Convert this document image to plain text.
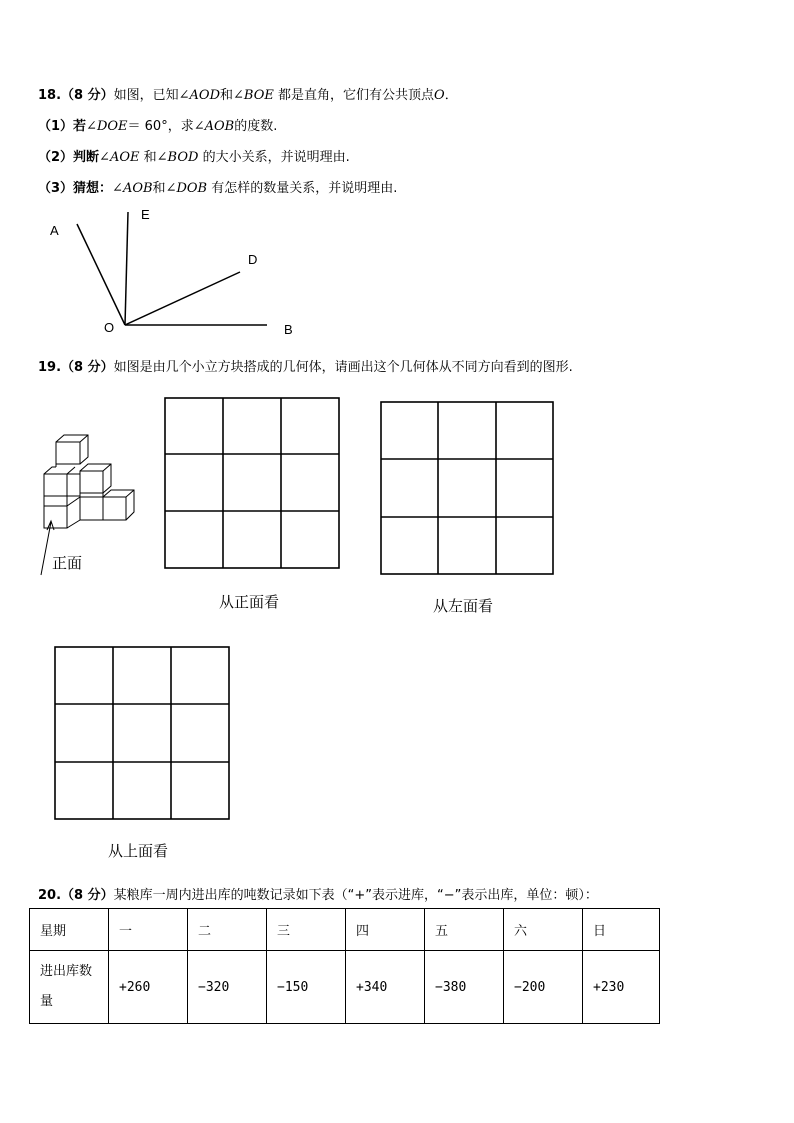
18.（8 分）如图，已知∠AOD和∠BOE 都是直角，它们有公共顶点O．
（1）若∠DOE＝ 60°，求∠AOB的度数.
（2）判断∠AOE 和∠BOD 的大小关系，并说明理由.
（3）猜想：∠AOB和∠DOB 有怎样的数量关系，并说明理由.
A
E
D
O	B
19.（8 分）如图是由几个小立方块搭成的几何体，请画出这个几何体从不同方向看到的图形.
正面
从正面看	从左面看
从上面看
20.（8 分）某粮库一周内进出库的吨数记录如下表（“+”表示进库，“−”表示出库，单位：顿）：
星期	一	二	三	四	五	六	日
进出库数
量	+260	−320	−150	+340	−380	−200	+230
